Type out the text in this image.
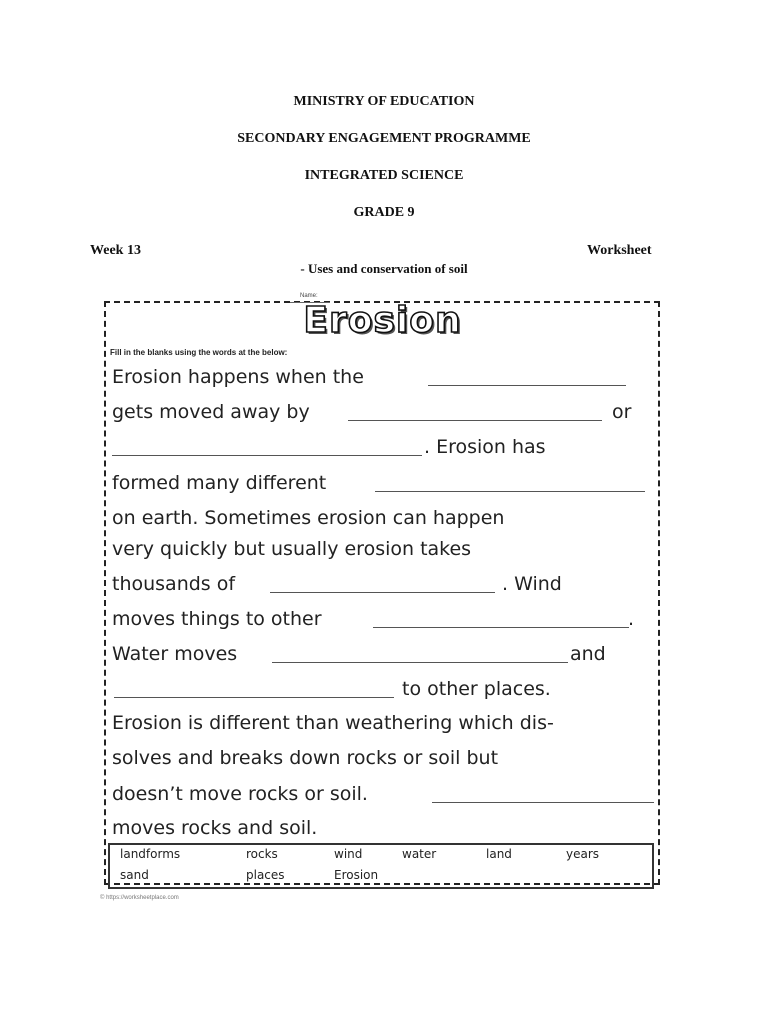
MINISTRY OF EDUCATION
SECONDARY ENGAGEMENT PROGRAMME
INTEGRATED SCIENCE
GRADE 9
Week 13	Worksheet
- Uses and conservation of soil
Name:
Erosion
Fill in the blanks using the words at the below:
Erosion happens when the
gets moved away by	or
. Erosion has
formed many different
on earth. Sometimes erosion can happen
very quickly but usually erosion takes
thousands of	. Wind
moves things to other	.
Water moves	and
to other places.
Erosion is different than weathering which dis-
solves and breaks down rocks or soil but
doesn’t move rocks or soil.
moves rocks and soil.
landforms	rocks	wind	water	land	years
sand	places	Erosion
© https://worksheetplace.com
